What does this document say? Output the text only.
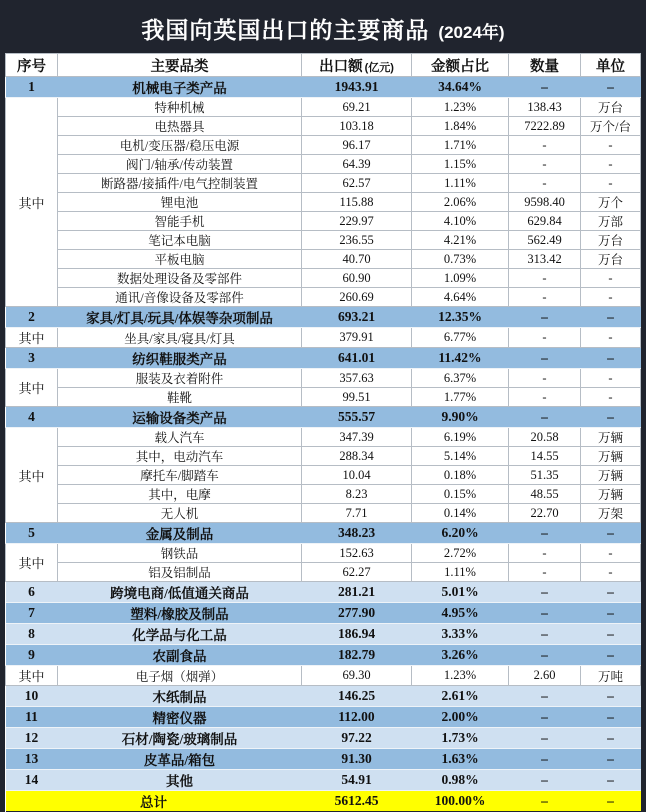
我国向英国出口的主要商品 (2024年)
序号	主要品类	出口额 (亿元)	金额占比	数量	单位
1	机械电子类产品	1943.91	34.64%	–	–
其中	特种机械	69.21	1.23%	138.43	万台
	电热器具	103.18	1.84%	7222.89	万个/台
	电机/变压器/稳压电源	96.17	1.71%	-	-
	阀门/轴承/传动装置	64.39	1.15%	-	-
	断路器/接插件/电气控制装置	62.57	1.11%	-	-
	锂电池	115.88	2.06%	9598.40	万个
	智能手机	229.97	4.10%	629.84	万部
	笔记本电脑	236.55	4.21%	562.49	万台
	平板电脑	40.70	0.73%	313.42	万台
	数据处理设备及零部件	60.90	1.09%	-	-
	通讯/音像设备及零部件	260.69	4.64%	-	-
2	家具/灯具/玩具/体娱等杂项制品	693.21	12.35%	–	–
其中	坐具/家具/寝具/灯具	379.91	6.77%	-	-
3	纺织鞋服类产品	641.01	11.42%	–	–
其中	服装及衣着附件	357.63	6.37%	-	-
	鞋靴	99.51	1.77%	-	-
4	运输设备类产品	555.57	9.90%	–	–
其中	载人汽车	347.39	6.19%	20.58	万辆
	其中，电动汽车	288.34	5.14%	14.55	万辆
	摩托车/脚踏车	10.04	0.18%	51.35	万辆
	其中，电摩	8.23	0.15%	48.55	万辆
	无人机	7.71	0.14%	22.70	万架
5	金属及制品	348.23	6.20%	–	–
其中	钢铁品	152.63	2.72%	-	-
	铝及铝制品	62.27	1.11%	-	-
6	跨境电商/低值通关商品	281.21	5.01%	–	–
7	塑料/橡胶及制品	277.90	4.95%	–	–
8	化学品与化工品	186.94	3.33%	–	–
9	农副食品	182.79	3.26%	–	–
其中	电子烟（烟弹）	69.30	1.23%	2.60	万吨
10	木纸制品	146.25	2.61%	–	–
11	精密仪器	112.00	2.00%	–	–
12	石材/陶瓷/玻璃制品	97.22	1.73%	–	–
13	皮革品/箱包	91.30	1.63%	–	–
14	其他	54.91	0.98%	–	–
总计		5612.45	100.00%	–	–
